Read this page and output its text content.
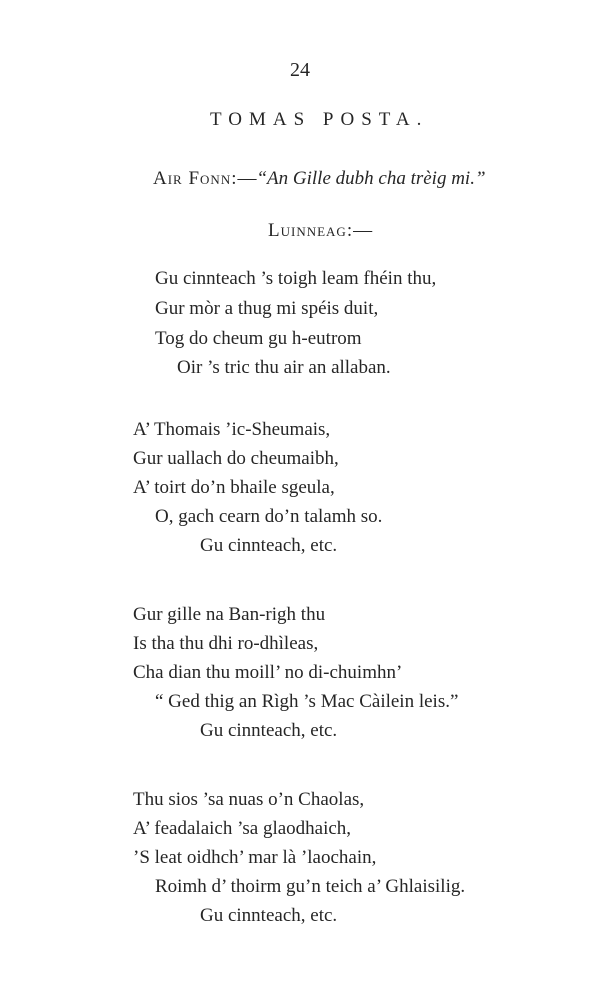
24
TOMAS POSTA.
Air Fonn:—“An Gille dubh cha trèig mi.”
Luinneag:—
Gu cinnteach ’s toigh leam fhéin thu,
Gur mòr a thug mi spéis duit,
Tog do cheum gu h-eutrom
Oir ’s tric thu air an allaban.
A’ Thomais ’ic-Sheumais,
Gur uallach do cheumaibh,
A’ toirt do’n bhaile sgeula,
O, gach cearn do’n talamh so.
Gu cinnteach, etc.
Gur gille na Ban-righ thu
Is tha thu dhi ro-dhìleas,
Cha dian thu moill’ no di-chuimhn’
“ Ged thig an Rìgh ’s Mac Càilein leis.”
Gu cinnteach, etc.
Thu sios ’sa nuas o’n Chaolas,
A’ feadalaich ’sa glaodhaich,
’S leat oidhch’ mar là ’laochain,
Roimh d’ thoirm gu’n teich a’ Ghlaisilig.
Gu cinnteach, etc.
